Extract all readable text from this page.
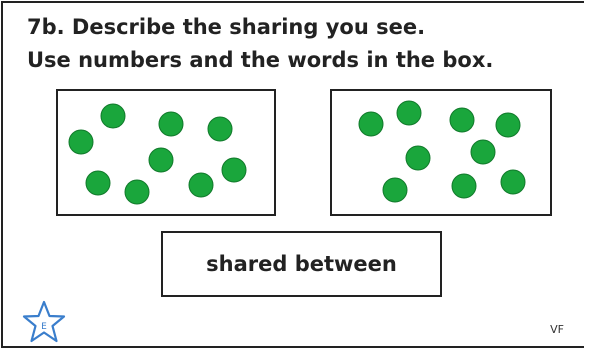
7b. Describe the sharing you see.
Use numbers and the words in the box.
shared between
E	VF
